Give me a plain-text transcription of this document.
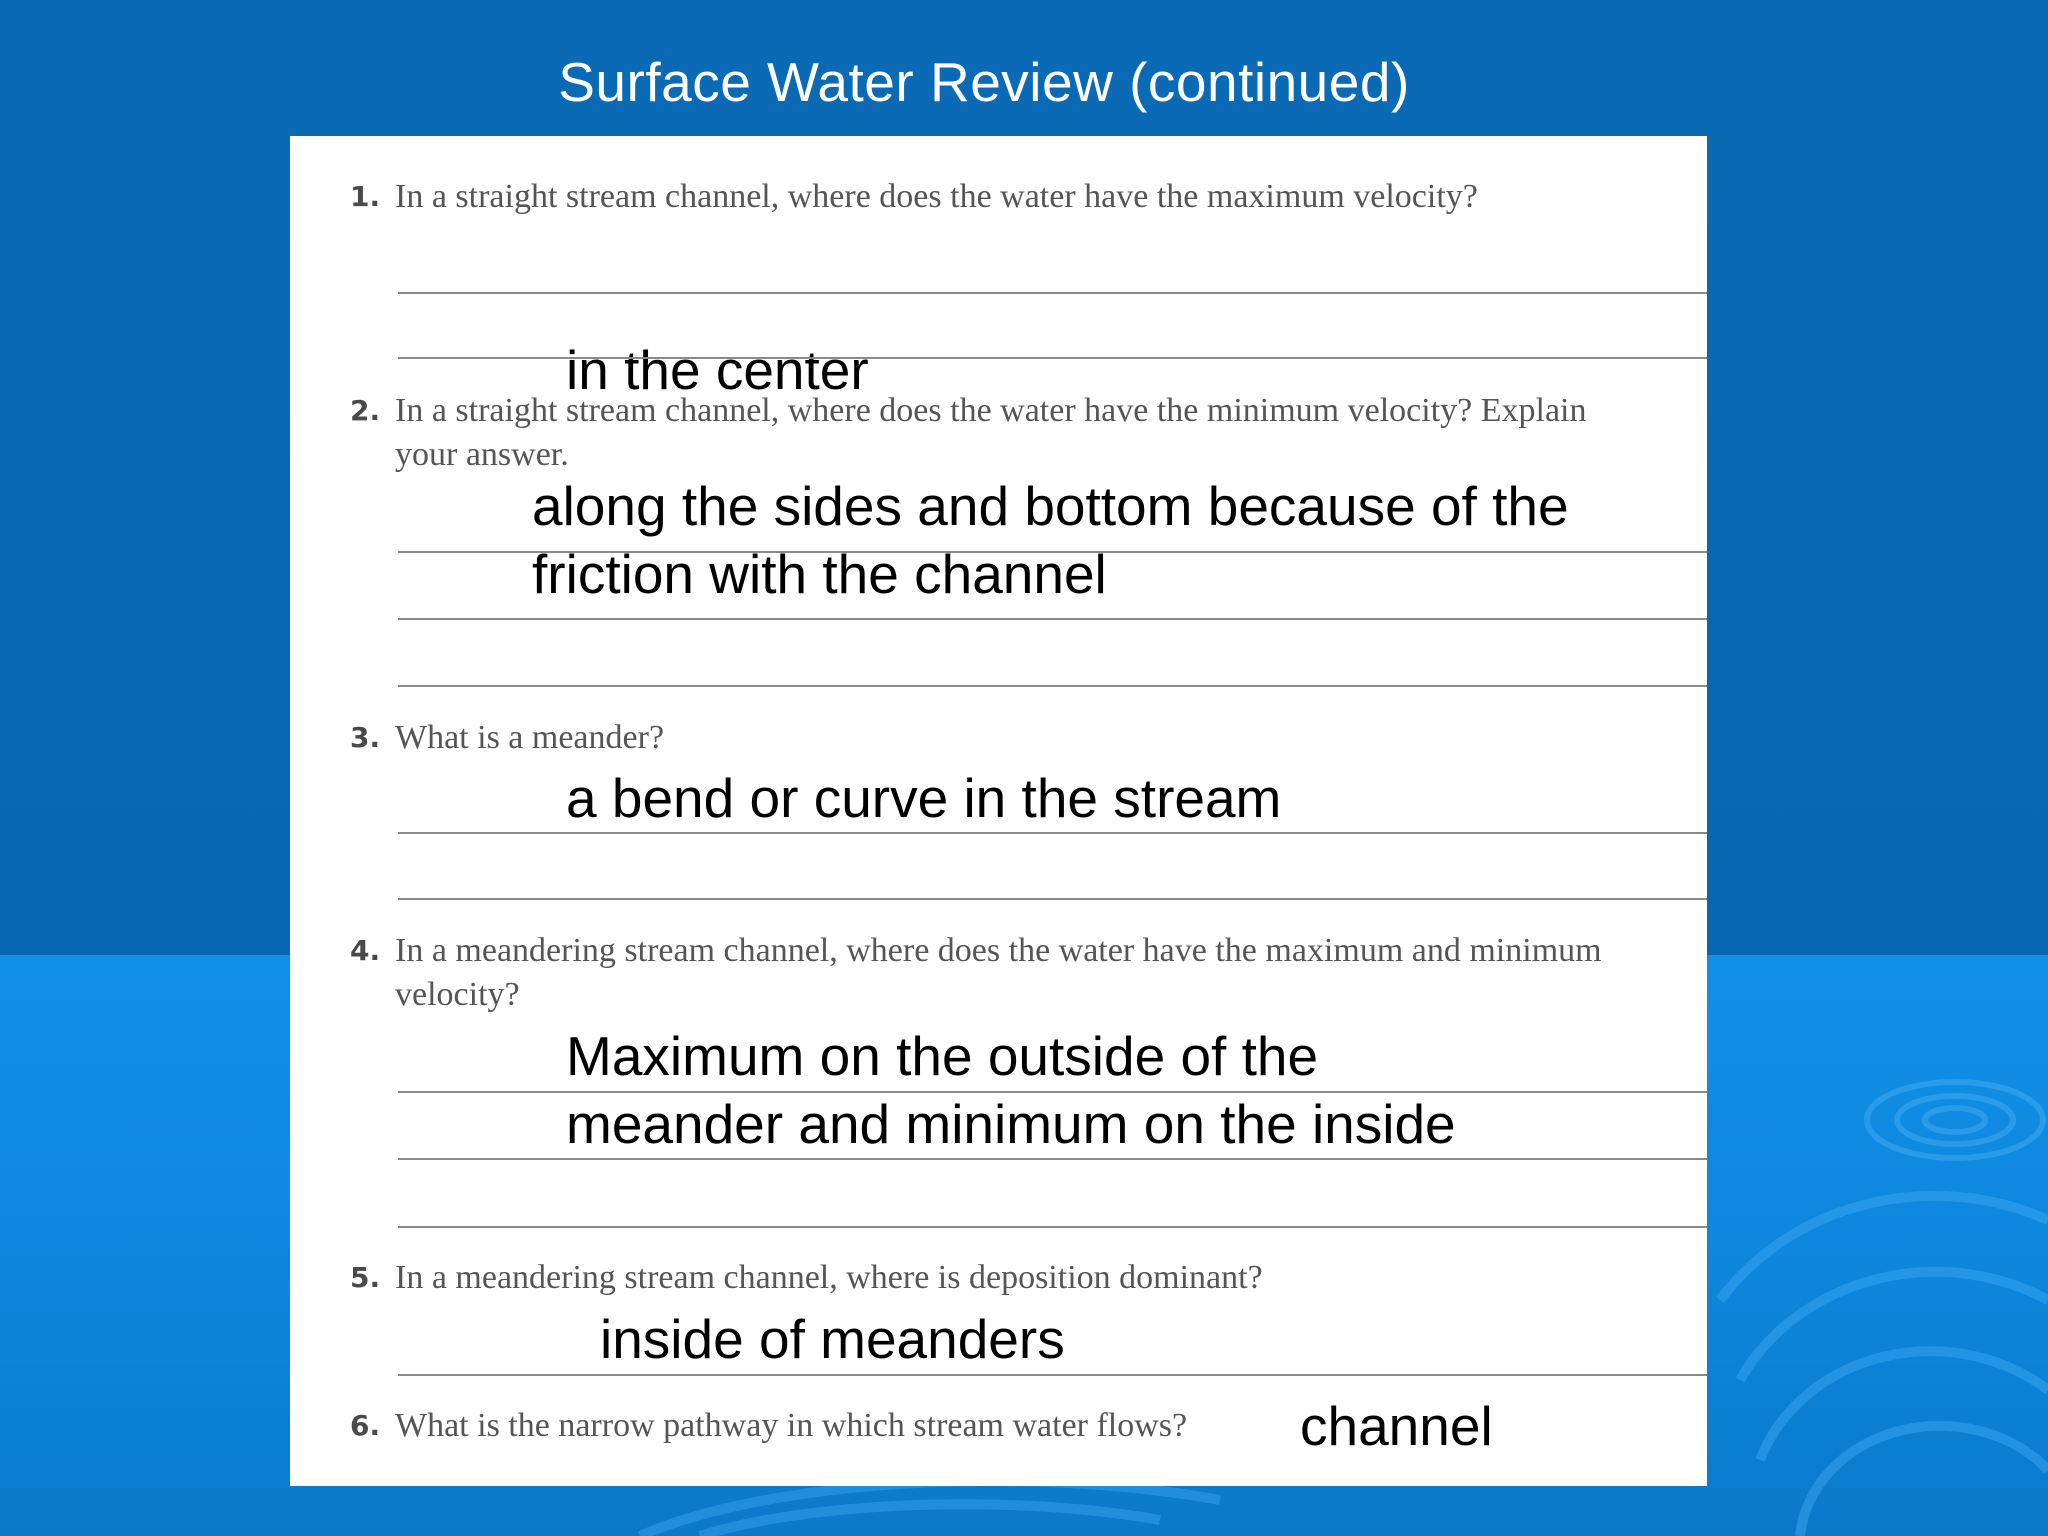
Surface Water Review (continued)
1. In a straight stream channel, where does the water have the maximum velocity?
in the center
2. In a straight stream channel, where does the water have the minimum velocity? Explain your answer.
along the sides and bottom because of the
friction with the channel
3. What is a meander?
a bend or curve in the stream
4. In a meandering stream channel, where does the water have the maximum and minimum velocity?
Maximum on the outside of the
meander and minimum on the inside
5. In a meandering stream channel, where is deposition dominant?
inside of meanders
6. What is the narrow pathway in which stream water flows?	channel
